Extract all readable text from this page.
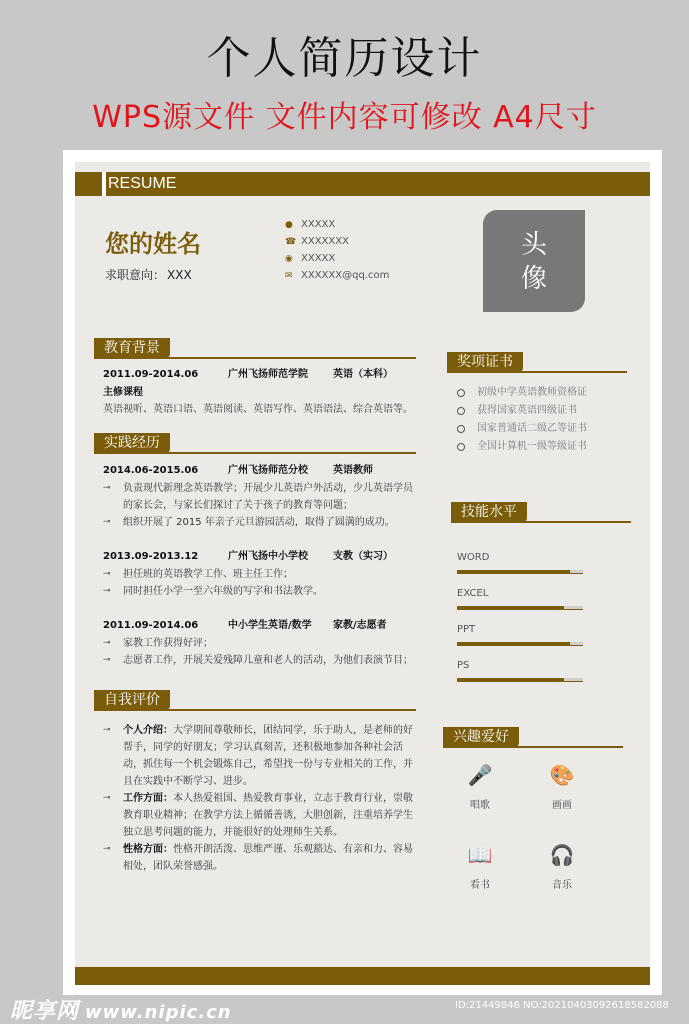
个人简历设计
WPS源文件 文件内容可修改 A4尺寸
RESUME
您的姓名
求职意向： XXX
● XXXXX
☎ XXXXXXX
◉ XXXXX
✉ XXXXXX@qq.com
头
像
教育背景
2011.09-2014.06	广州飞扬师范学院	英语（本科）
主修课程
英语视听、英语口语、英语阅读、英语写作、英语语法、综合英语等。
实践经历
2014.06-2015.06	广州飞扬师范分校	英语教师
⊸ 负责现代新理念英语教学；开展少儿英语户外活动，少儿英语学员的家长会，与家长们探讨了关于孩子的教育等问题；
⊸ 组织开展了 2015 年亲子元旦游园活动，取得了圆满的成功。
2013.09-2013.12	广州飞扬中小学校	支教（实习）
⊸ 担任班的英语教学工作、班主任工作；
⊸ 同时担任小学一至六年级的写字和书法教学。
2011.09-2014.06	中小学生英语/数学	家教/志愿者
⊸ 家教工作获得好评；
⊸ 志愿者工作，开展关爱残障儿童和老人的活动，为他们表演节目；
自我评价
⊸ 个人介绍：大学期间尊敬师长，团结同学，乐于助人，是老师的好帮手，同学的好朋友；学习认真刻苦，还积极地参加各种社会活动，抓住每一个机会锻炼自己，希望找一份与专业相关的工作，并且在实践中不断学习、进步。
⊸ 工作方面：本人热爱祖国、热爱教育事业，立志于教育行业，崇敬教育职业精神；在教学方法上循循善诱，大胆创新，注重培养学生独立思考问题的能力，并能很好的处理师生关系。
⊸ 性格方面：性格开朗活泼、思维严谨、乐观豁达、有亲和力、容易相处，团队荣誉感强。
奖项证书
初级中学英语教师资格证
获得国家英语四级证书
国家普通话二级乙等证书
全国计算机一级等级证书
技能水平
WORD
EXCEL
PPT
PS
兴趣爱好
🎤
唱歌
🎨
画画
📖
看书
🎧
音乐
昵享网 www.nipic.cn	ID:21449846 NO:20210403092618582088
